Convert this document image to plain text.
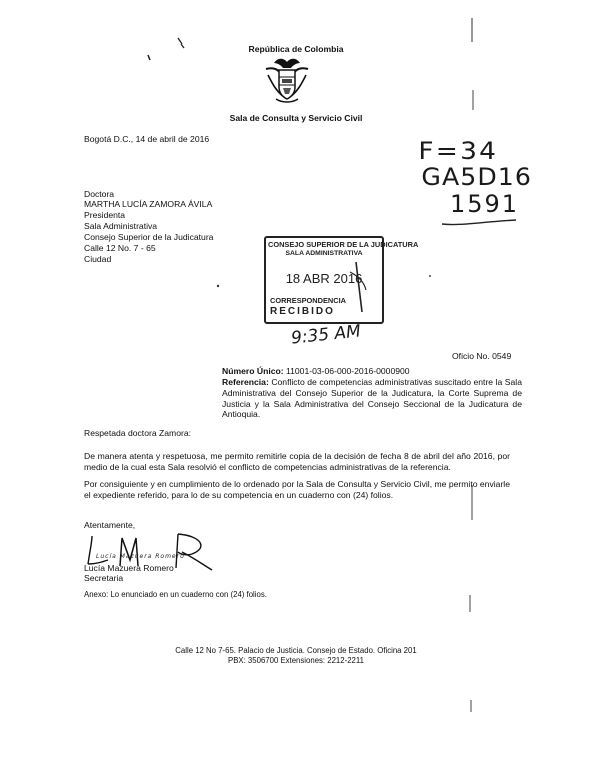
República de Colombia
Sala de Consulta y Servicio Civil
Bogotá D.C., 14 de abril de 2016	F=34
GA5D16
1591
Doctora
MARTHA LUCÍA ZAMORA ÁVILA
Presidenta
Sala Administrativa
Consejo Superior de la Judicatura
Calle 12 No. 7 - 65
Ciudad
CONSEJO SUPERIOR DE LA JUDICATURA
SALA ADMINISTRATIVA
18 ABR 2016
CORRESPONDENCIA
RECIBIDO
9:35 AM
Oficio No. 0549
Número Único: 11001-03-06-000-2016-0000900
Referencia: Conflicto de competencias administrativas suscitado entre la Sala Administrativa del Consejo Superior de la Judicatura, la Corte Suprema de Justicia y la Sala Administrativa del Consejo Seccional de la Judicatura de Antioquia.
Respetada doctora Zamora:
De manera atenta y respetuosa, me permito remitirle copia de la decisión de fecha 8 de abril del año 2016, por medio de la cual esta Sala resolvió el conflicto de competencias administrativas de la referencia.
Por consiguiente y en cumplimiento de lo ordenado por la Sala de Consulta y Servicio Civil, me permito enviarle el expediente referido, para lo de su competencia en un cuaderno con (24) folios.
Atentamente,
Lucía Mazuera Romero
Lucía Mazuera Romero
Secretaria
Anexo: Lo enunciado en un cuaderno con (24) folios.
Calle 12 No 7-65. Palacio de Justicia. Consejo de Estado. Oficina 201
PBX: 3506700 Extensiones: 2212-2211
